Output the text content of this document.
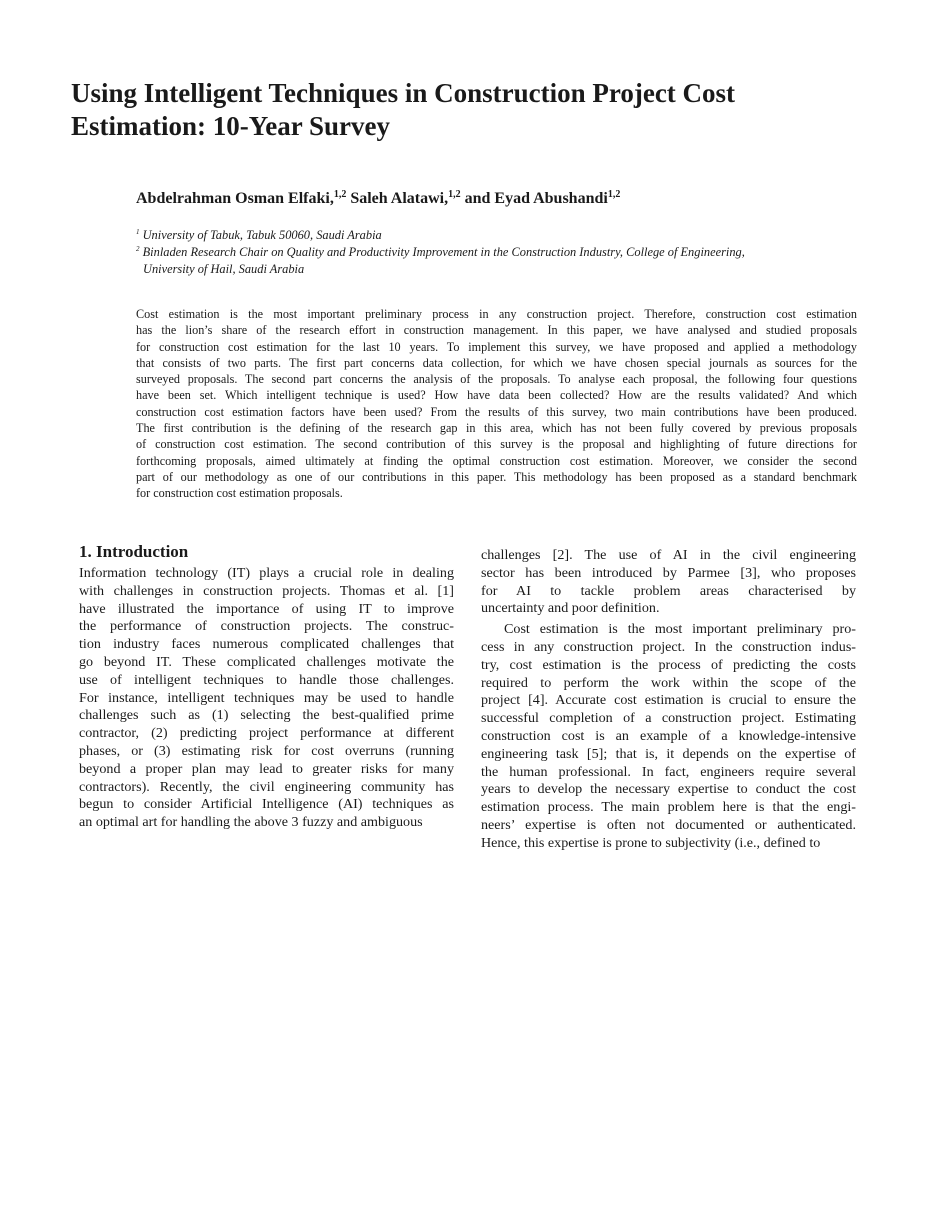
Using Intelligent Techniques in Construction Project Cost
Estimation: 10-Year Survey
Abdelrahman Osman Elfaki,$^{1,2}$ Saleh Alatawi,$^{1,2}$ and Eyad Abushandi$^{1,2}$
$^1$ University of Tabuk, Tabuk 50060, Saudi Arabia
$^2$ Binladen Research Chair on Quality and Productivity Improvement in the Construction Industry, College of Engineering,
University of Hail, Saudi Arabia
Cost estimation is the most important preliminary process in any construction project. Therefore, construction cost estimation
has the lion’s share of the research effort in construction management. In this paper, we have analysed and studied proposals
for construction cost estimation for the last 10 years. To implement this survey, we have proposed and applied a methodology
that consists of two parts. The first part concerns data collection, for which we have chosen special journals as sources for the
surveyed proposals. The second part concerns the analysis of the proposals. To analyse each proposal, the following four questions
have been set. Which intelligent technique is used? How have data been collected? How are the results validated? And which
construction cost estimation factors have been used? From the results of this survey, two main contributions have been produced.
The first contribution is the defining of the research gap in this area, which has not been fully covered by previous proposals
of construction cost estimation. The second contribution of this survey is the proposal and highlighting of future directions for
forthcoming proposals, aimed ultimately at finding the optimal construction cost estimation. Moreover, we consider the second
part of our methodology as one of our contributions in this paper. This methodology has been proposed as a standard benchmark
for construction cost estimation proposals.
1. Introduction
Information technology (IT) plays a crucial role in dealing
with challenges in construction projects. Thomas et al. [1]
have illustrated the importance of using IT to improve
the performance of construction projects. The construc-
tion industry faces numerous complicated challenges that
go beyond IT. These complicated challenges motivate the
use of intelligent techniques to handle those challenges.
For instance, intelligent techniques may be used to handle
challenges such as (1) selecting the best-qualified prime
contractor, (2) predicting project performance at different
phases, or (3) estimating risk for cost overruns (running
beyond a proper plan may lead to greater risks for many
contractors). Recently, the civil engineering community has
begun to consider Artificial Intelligence (AI) techniques as
an optimal art for handling the above 3 fuzzy and ambiguous
challenges [2]. The use of AI in the civil engineering
sector has been introduced by Parmee [3], who proposes
for AI to tackle problem areas characterised by
uncertainty and poor definition.
Cost estimation is the most important preliminary pro-
cess in any construction project. In the construction indus-
try, cost estimation is the process of predicting the costs
required to perform the work within the scope of the
project [4]. Accurate cost estimation is crucial to ensure the
successful completion of a construction project. Estimating
construction cost is an example of a knowledge-intensive
engineering task [5]; that is, it depends on the expertise of
the human professional. In fact, engineers require several
years to develop the necessary expertise to conduct the cost
estimation process. The main problem here is that the engi-
neers’ expertise is often not documented or authenticated.
Hence, this expertise is prone to subjectivity (i.e., defined to
